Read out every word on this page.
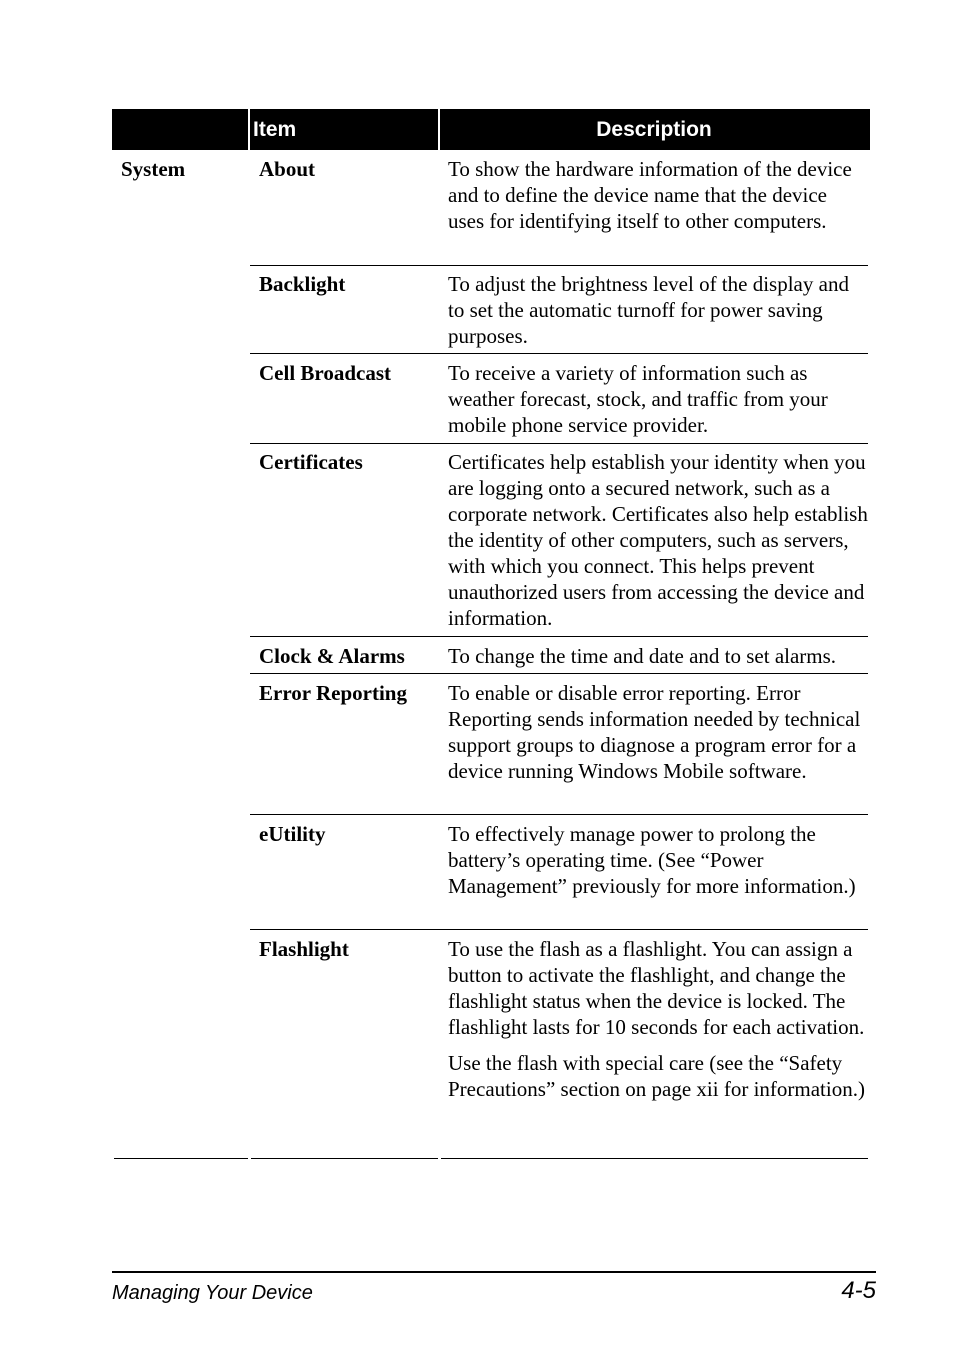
Item	Description
System	About	To show the hardware information of the device and to define the device name that the device uses for identifying itself to other computers.

Backlight	To adjust the brightness level of the display and to set the automatic turnoff for power saving purposes.

Cell Broadcast	To receive a variety of information such as weather forecast, stock, and traffic from your mobile phone service provider.

Certificates	Certificates help establish your identity when you are logging onto a secured network, such as a corporate network. Certificates also help establish the identity of other computers, such as servers, with which you connect. This helps prevent unauthorized users from accessing the device and information.

Clock & Alarms	To change the time and date and to set alarms.

Error Reporting	To enable or disable error reporting. Error Reporting sends information needed by technical support groups to diagnose a program error for a device running Windows Mobile software.

eUtility	To effectively manage power to prolong the battery’s operating time. (See “Power Management” previously for more information.)

Flashlight	To use the flash as a flashlight. You can assign a button to activate the flashlight, and change the flashlight status when the device is locked. The flashlight lasts for 10 seconds for each activation.

Use the flash with special care (see the “Safety Precautions” section on page xii for information.)

Managing Your Device	4-5
